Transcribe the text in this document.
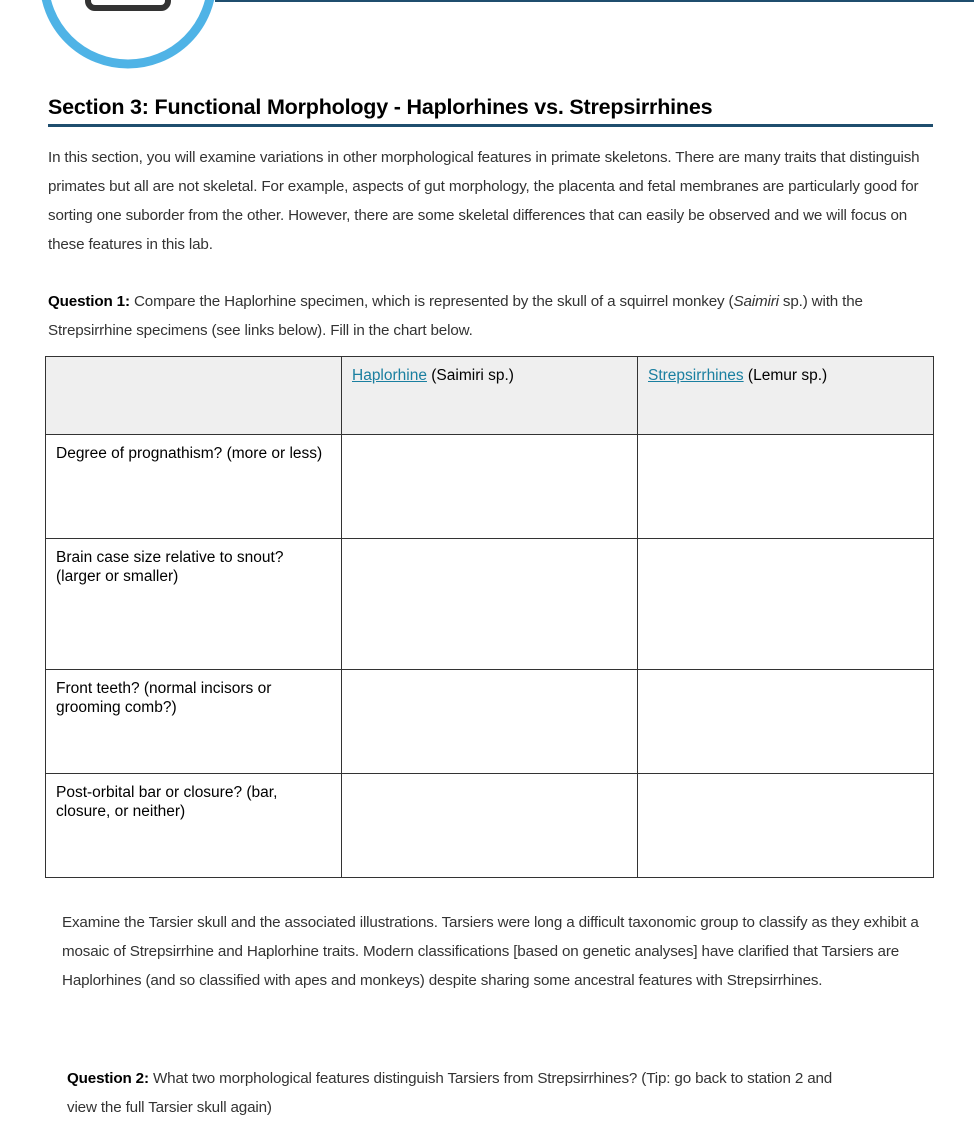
Section 3: Functional Morphology - Haplorhines vs. Strepsirrhines

In this section, you will examine variations in other morphological features in primate skeletons. There are many traits that distinguish primates but all are not skeletal. For example, aspects of gut morphology, the placenta and fetal membranes are particularly good for sorting one suborder from the other. However, there are some skeletal differences that can easily be observed and we will focus on these features in this lab.

Question 1: Compare the Haplorhine specimen, which is represented by the skull of a squirrel monkey (Saimiri sp.) with the Strepsirrhine specimens (see links below). Fill in the chart below.

	Haplorhine (Saimiri sp.)	Strepsirrhines (Lemur sp.)
Degree of prognathism? (more or less)		
Brain case size relative to snout? (larger or smaller)		
Front teeth? (normal incisors or grooming comb?)		
Post-orbital bar or closure? (bar, closure, or neither)		

Examine the Tarsier skull and the associated illustrations. Tarsiers were long a difficult taxonomic group to classify as they exhibit a mosaic of Strepsirrhine and Haplorhine traits. Modern classifications [based on genetic analyses] have clarified that Tarsiers are Haplorhines (and so classified with apes and monkeys) despite sharing some ancestral features with Strepsirrhines.

Question 2: What two morphological features distinguish Tarsiers from Strepsirrhines? (Tip: go back to station 2 and view the full Tarsier skull again)
